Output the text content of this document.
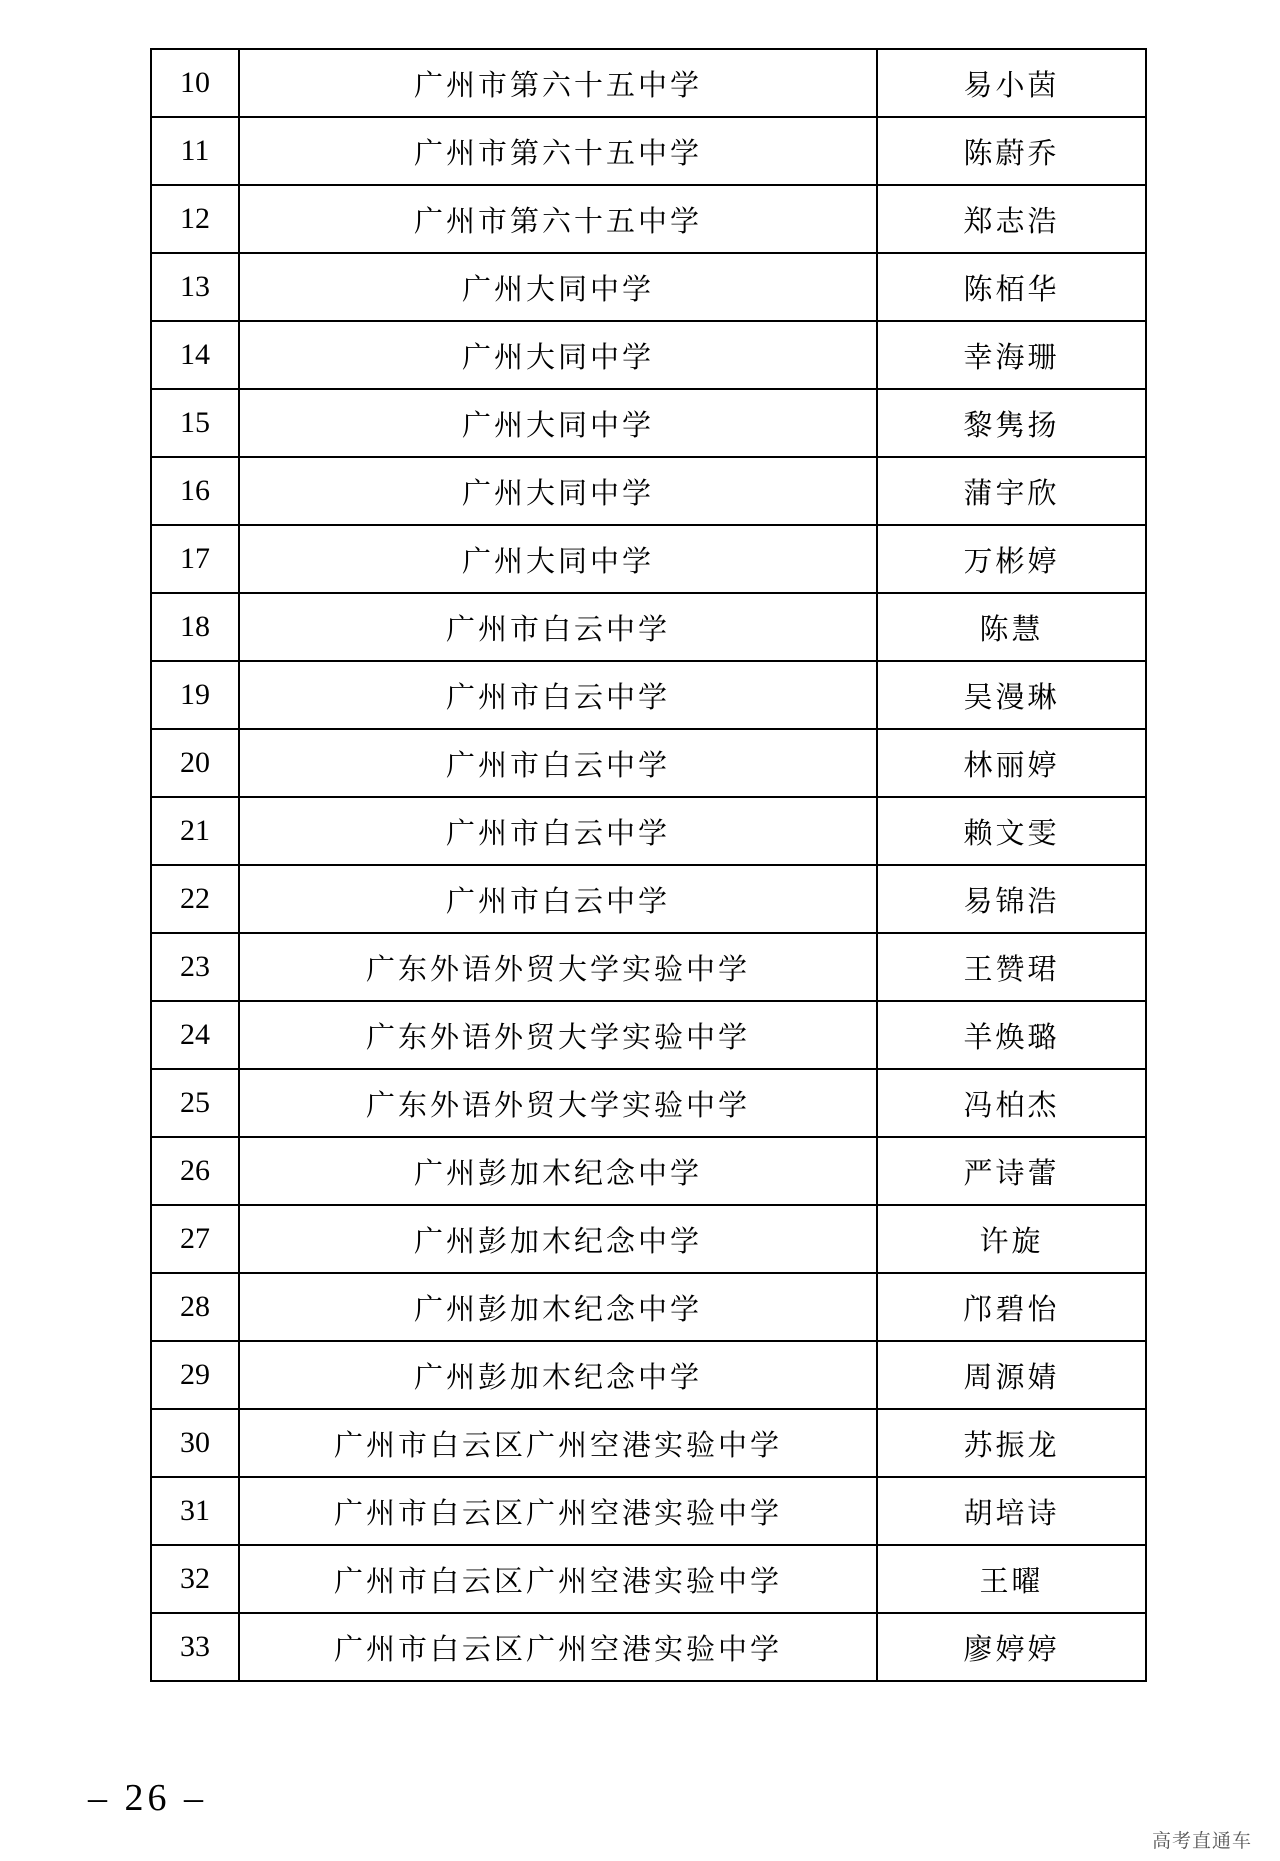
10	广州市第六十五中学	易小茵
11	广州市第六十五中学	陈蔚乔
12	广州市第六十五中学	郑志浩
13	广州大同中学	陈栢华
14	广州大同中学	幸海珊
15	广州大同中学	黎隽扬
16	广州大同中学	蒲宇欣
17	广州大同中学	万彬婷
18	广州市白云中学	陈慧
19	广州市白云中学	吴漫琳
20	广州市白云中学	林丽婷
21	广州市白云中学	赖文雯
22	广州市白云中学	易锦浩
23	广东外语外贸大学实验中学	王赞珺
24	广东外语外贸大学实验中学	羊焕璐
25	广东外语外贸大学实验中学	冯柏杰
26	广州彭加木纪念中学	严诗蕾
27	广州彭加木纪念中学	许旋
28	广州彭加木纪念中学	邝碧怡
29	广州彭加木纪念中学	周源婧
30	广州市白云区广州空港实验中学	苏振龙
31	广州市白云区广州空港实验中学	胡培诗
32	广州市白云区广州空港实验中学	王曜
33	广州市白云区广州空港实验中学	廖婷婷
– 26 –
高考直通车
